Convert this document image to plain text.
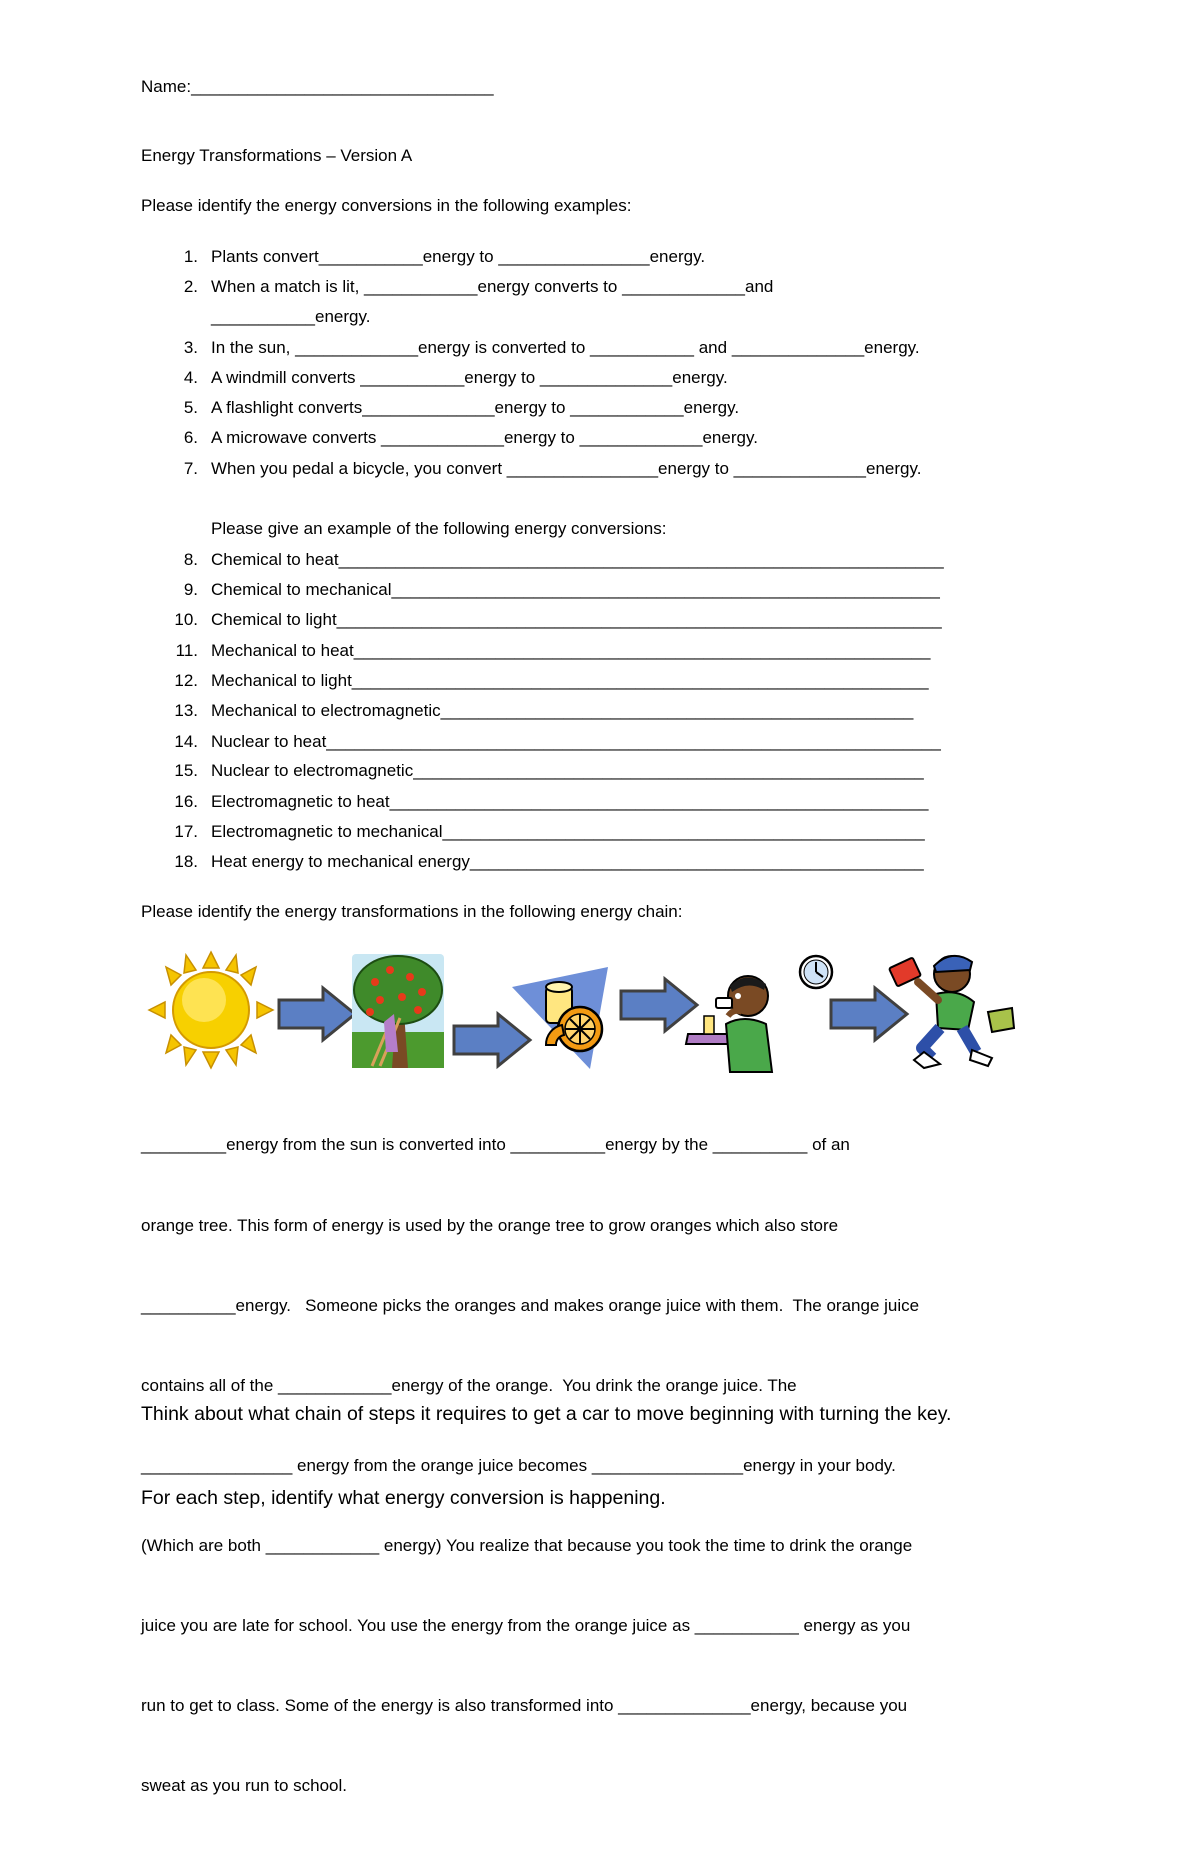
Name:________________________________
Energy Transformations – Version A
Please identify the energy conversions in the following examples:
1. Plants convert___________energy to ________________energy.
2. When a match is lit, ____________energy converts to _____________and
___________energy.
3. In the sun, _____________energy is converted to ___________ and ______________energy.
4. A windmill converts ___________energy to ______________energy.
5. A flashlight converts______________energy to ____________energy.
6. A microwave converts _____________energy to _____________energy.
7. When you pedal a bicycle, you convert ________________energy to ______________energy.
Please give an example of the following energy conversions:
8. Chemical to heat________________________________________________________________
9. Chemical to mechanical__________________________________________________________
10. Chemical to light________________________________________________________________
11. Mechanical to heat_____________________________________________________________
12. Mechanical to light_____________________________________________________________
13. Mechanical to electromagnetic__________________________________________________
14. Nuclear to heat_________________________________________________________________
15. Nuclear to electromagnetic______________________________________________________
16. Electromagnetic to heat_________________________________________________________
17. Electromagnetic to mechanical___________________________________________________
18. Heat energy to mechanical energy________________________________________________
Please identify the energy transformations in the following energy chain:

_________energy from the sun is converted into __________energy by the __________ of an

orange tree. This form of energy is used by the orange tree to grow oranges which also store

__________energy.   Someone picks the oranges and makes orange juice with them.  The orange juice

contains all of the ____________energy of the orange.  You drink the orange juice. The

________________ energy from the orange juice becomes ________________energy in your body.

(Which are both ____________ energy) You realize that because you took the time to drink the orange

juice you are late for school. You use the energy from the orange juice as ___________ energy as you

run to get to class. Some of the energy is also transformed into ______________energy, because you

sweat as you run to school.

Think about what chain of steps it requires to get a car to move beginning with turning the key.

For each step, identify what energy conversion is happening.
